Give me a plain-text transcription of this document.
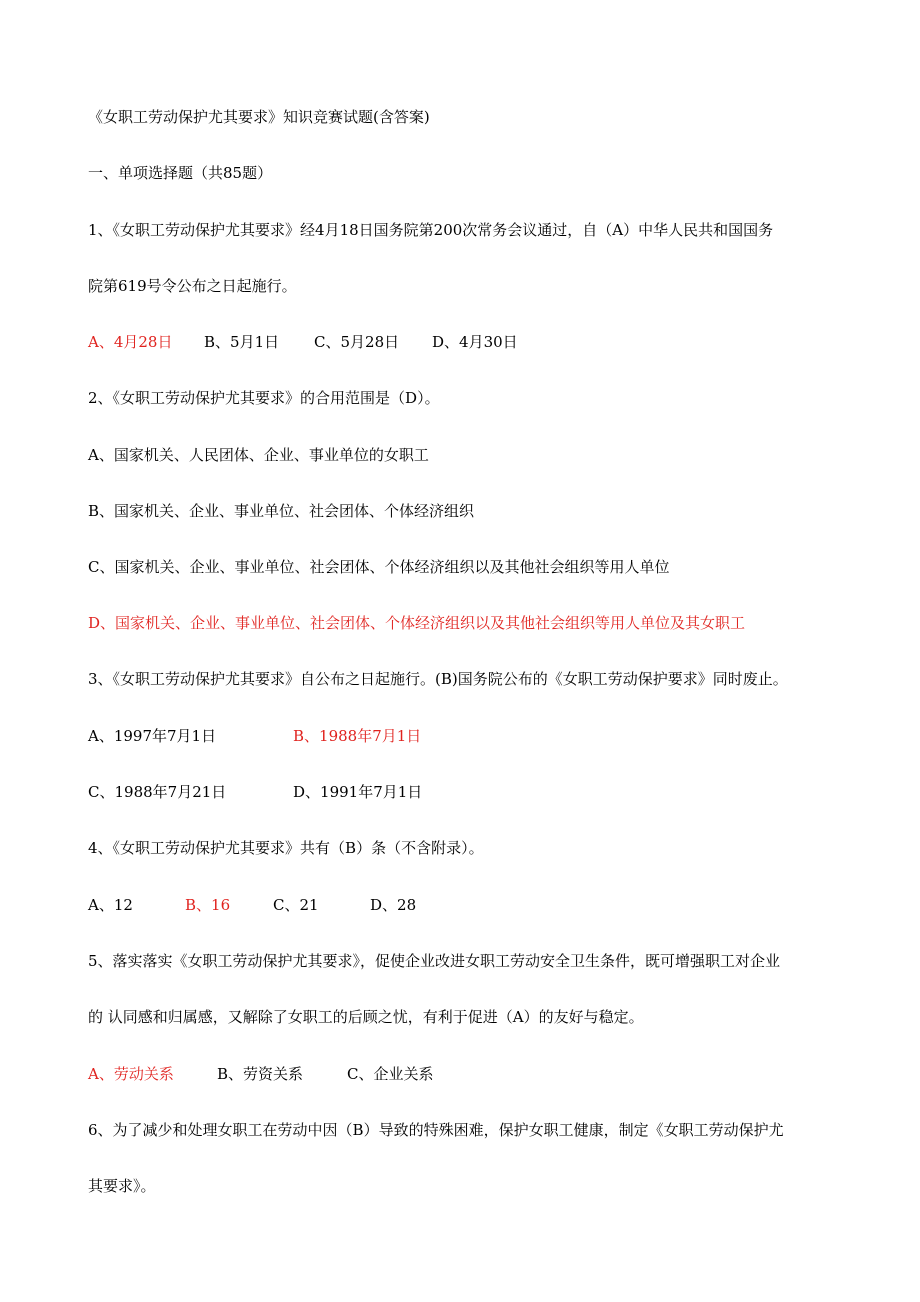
《女职工劳动保护尤其要求》知识竞赛试题(含答案)
一、单项选择题（共85题）
1、《女职工劳动保护尤其要求》经4月18日国务院第200次常务会议通过，自（A）中华人民共和国国务
院第619号令公布之日起施行。
A、4月28日 B、5月1日 C、5月28日 D、4月30日
2、《女职工劳动保护尤其要求》的合用范围是（D）。
A、国家机关、人民团体、企业、事业单位的女职工
B、国家机关、企业、事业单位、社会团体、个体经济组织
C、国家机关、企业、事业单位、社会团体、个体经济组织以及其他社会组织等用人单位
D、国家机关、企业、事业单位、社会团体、个体经济组织以及其他社会组织等用人单位及其女职工
3、《女职工劳动保护尤其要求》自公布之日起施行。(B)国务院公布的《女职工劳动保护要求》同时废止。
A、1997年7月1日	B、1988年7月1日
C、1988年7月21日	D、1991年7月1日
4、《女职工劳动保护尤其要求》共有（B）条（不含附录）。
A、12	B、16	C、21	D、28
5、落实落实《女职工劳动保护尤其要求》，促使企业改进女职工劳动安全卫生条件，既可增强职工对企业
的 认同感和归属感，又解除了女职工的后顾之忧，有利于促进（A）的友好与稳定。
A、劳动关系	B、劳资关系	C、企业关系
6、为了减少和处理女职工在劳动中因（B）导致的特殊困难，保护女职工健康，制定《女职工劳动保护尤
其要求》。
